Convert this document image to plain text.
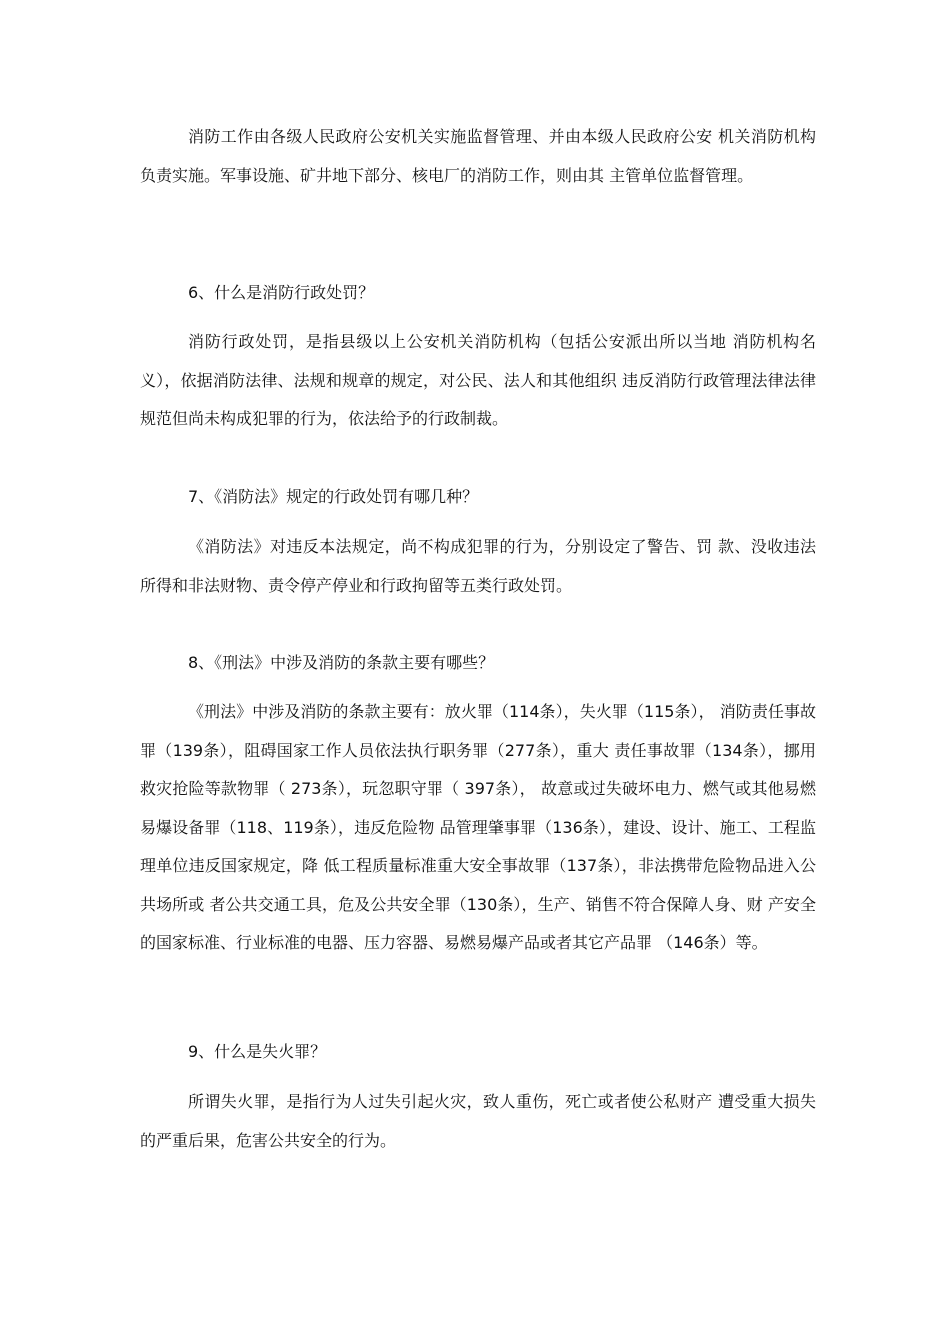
消防工作由各级人民政府公安机关实施监督管理、并由本级人民政府公安 机关消防机构负责实施。军事设施、矿井地下部分、核电厂的消防工作，则由其 主管单位监督管理。
6、什么是消防行政处罚？
消防行政处罚，是指县级以上公安机关消防机构（包括公安派出所以当地 消防机构名义），依据消防法律、法规和规章的规定，对公民、法人和其他组织 违反消防行政管理法律法律规范但尚未构成犯罪的行为，依法给予的行政制裁。
7、《消防法》规定的行政处罚有哪几种？
《消防法》对违反本法规定，尚不构成犯罪的行为，分别设定了警告、罚 款、没收违法所得和非法财物、责令停产停业和行政拘留等五类行政处罚。
8、《刑法》中涉及消防的条款主要有哪些？
《刑法》中涉及消防的条款主要有：放火罪（114条），失火罪（115条）， 消防责任事故罪（139条），阻碍国家工作人员依法执行职务罪（277条），重大 责任事故罪（134条），挪用救灾抢险等款物罪（ 273条），玩忽职守罪（ 397条）， 故意或过失破坏电力、燃气或其他易燃易爆设备罪（118、119条），违反危险物 品管理肇事罪（136条），建设、设计、施工、工程监理单位违反国家规定，降 低工程质量标准重大安全事故罪（137条），非法携带危险物品进入公共场所或 者公共交通工具，危及公共安全罪（130条），生产、销售不符合保障人身、财 产安全的国家标准、行业标准的电器、压力容器、易燃易爆产品或者其它产品罪 （146条）等。
9、什么是失火罪？
所谓失火罪，是指行为人过失引起火灾，致人重伤，死亡或者使公私财产 遭受重大损失的严重后果，危害公共安全的行为。
